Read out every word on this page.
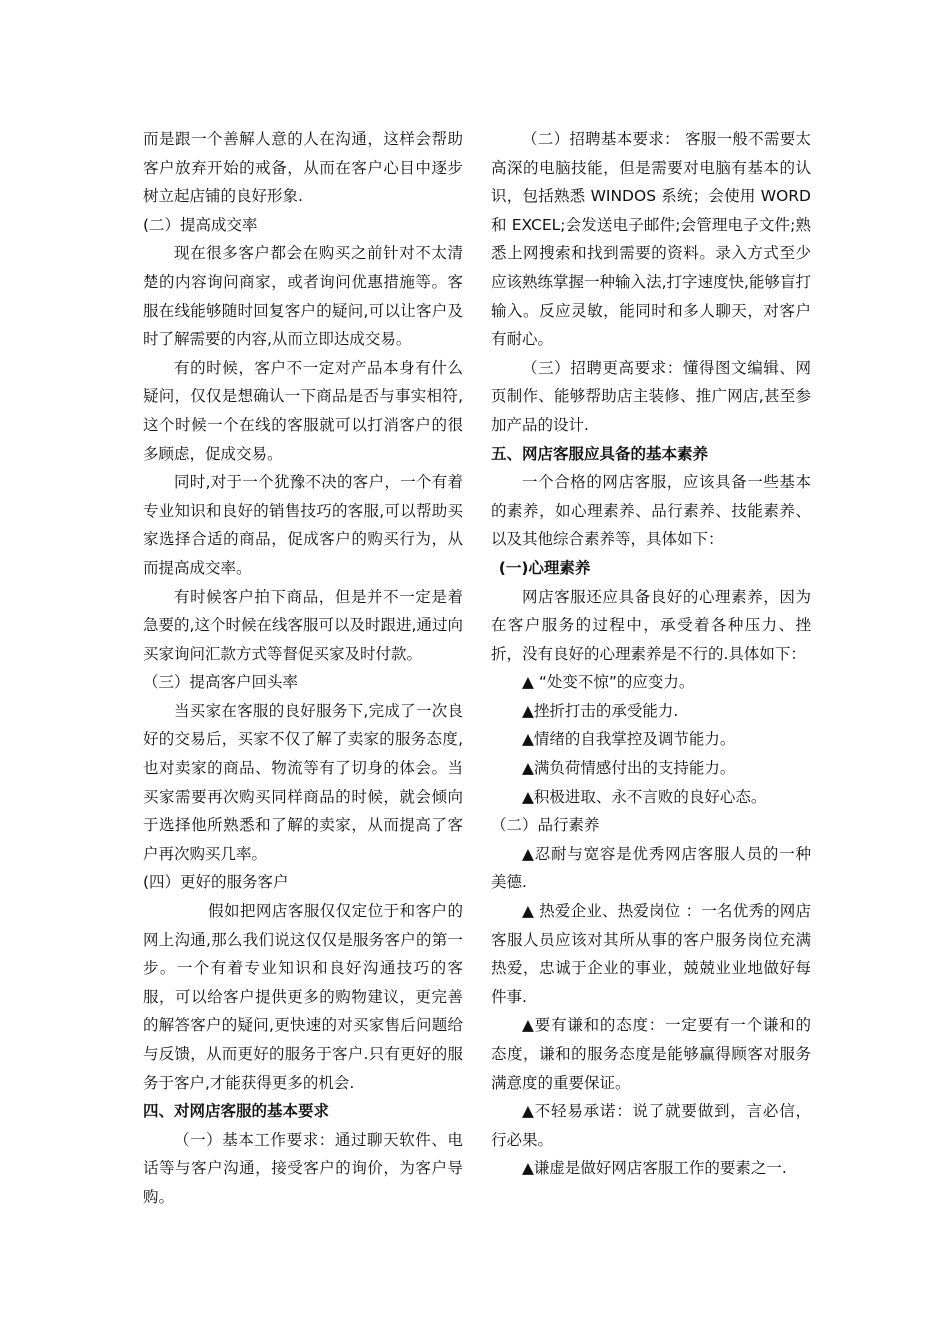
而是跟一个善解人意的人在沟通，这样会帮助客户放弃开始的戒备，从而在客户心目中逐步树立起店铺的良好形象.

(二）提高成交率

现在很多客户都会在购买之前针对不太清楚的内容询问商家，或者询问优惠措施等。客服在线能够随时回复客户的疑问,可以让客户及时了解需要的内容,从而立即达成交易。

有的时候，客户不一定对产品本身有什么疑问，仅仅是想确认一下商品是否与事实相符,这个时候一个在线的客服就可以打消客户的很多顾虑，促成交易。

同时,对于一个犹豫不决的客户，一个有着专业知识和良好的销售技巧的客服,可以帮助买家选择合适的商品，促成客户的购买行为，从而提高成交率。

有时候客户拍下商品，但是并不一定是着急要的,这个时候在线客服可以及时跟进,通过向买家询问汇款方式等督促买家及时付款。

（三）提高客户回头率

当买家在客服的良好服务下,完成了一次良好的交易后，买家不仅了解了卖家的服务态度,也对卖家的商品、物流等有了切身的体会。当买家需要再次购买同样商品的时候，就会倾向于选择他所熟悉和了解的卖家，从而提高了客户再次购买几率。

(四）更好的服务客户

假如把网店客服仅仅定位于和客户的网上沟通,那么我们说这仅仅是服务客户的第一步。一个有着专业知识和良好沟通技巧的客服，可以给客户提供更多的购物建议，更完善的解答客户的疑问,更快速的对买家售后问题给与反馈，从而更好的服务于客户.只有更好的服务于客户,才能获得更多的机会.

四、对网店客服的基本要求

（一）基本工作要求：通过聊天软件、电话等与客户沟通，接受客户的询价，为客户导购。

（二）招聘基本要求： 客服一般不需要太高深的电脑技能，但是需要对电脑有基本的认识，包括熟悉 WINDOS 系统；会使用 WORD 和 EXCEL;会发送电子邮件;会管理电子文件;熟悉上网搜索和找到需要的资料。录入方式至少应该熟练掌握一种输入法,打字速度快,能够盲打输入。反应灵敏，能同时和多人聊天，对客户有耐心。

（三）招聘更高要求：懂得图文编辑、网页制作、能够帮助店主装修、推广网店,甚至参加产品的设计.

五、网店客服应具备的基本素养

一个合格的网店客服，应该具备一些基本的素养，如心理素养、品行素养、技能素养、以及其他综合素养等，具体如下：

(一)心理素养

网店客服还应具备良好的心理素养，因为在客户服务的过程中，承受着各种压力、挫折，没有良好的心理素养是不行的.具体如下：

▲ “处变不惊”的应变力。

▲挫折打击的承受能力.

▲情绪的自我掌控及调节能力。

▲满负荷情感付出的支持能力。

▲积极进取、永不言败的良好心态。

（二）品行素养

▲忍耐与宽容是优秀网店客服人员的一种美德.

▲ 热爱企业、热爱岗位 ：一名优秀的网店客服人员应该对其所从事的客户服务岗位充满热爱，忠诚于企业的事业，兢兢业业地做好每件事.

▲要有谦和的态度：一定要有一个谦和的态度，谦和的服务态度是能够赢得顾客对服务满意度的重要保证。

▲不轻易承诺：说了就要做到，言必信，行必果。

▲谦虚是做好网店客服工作的要素之一.
